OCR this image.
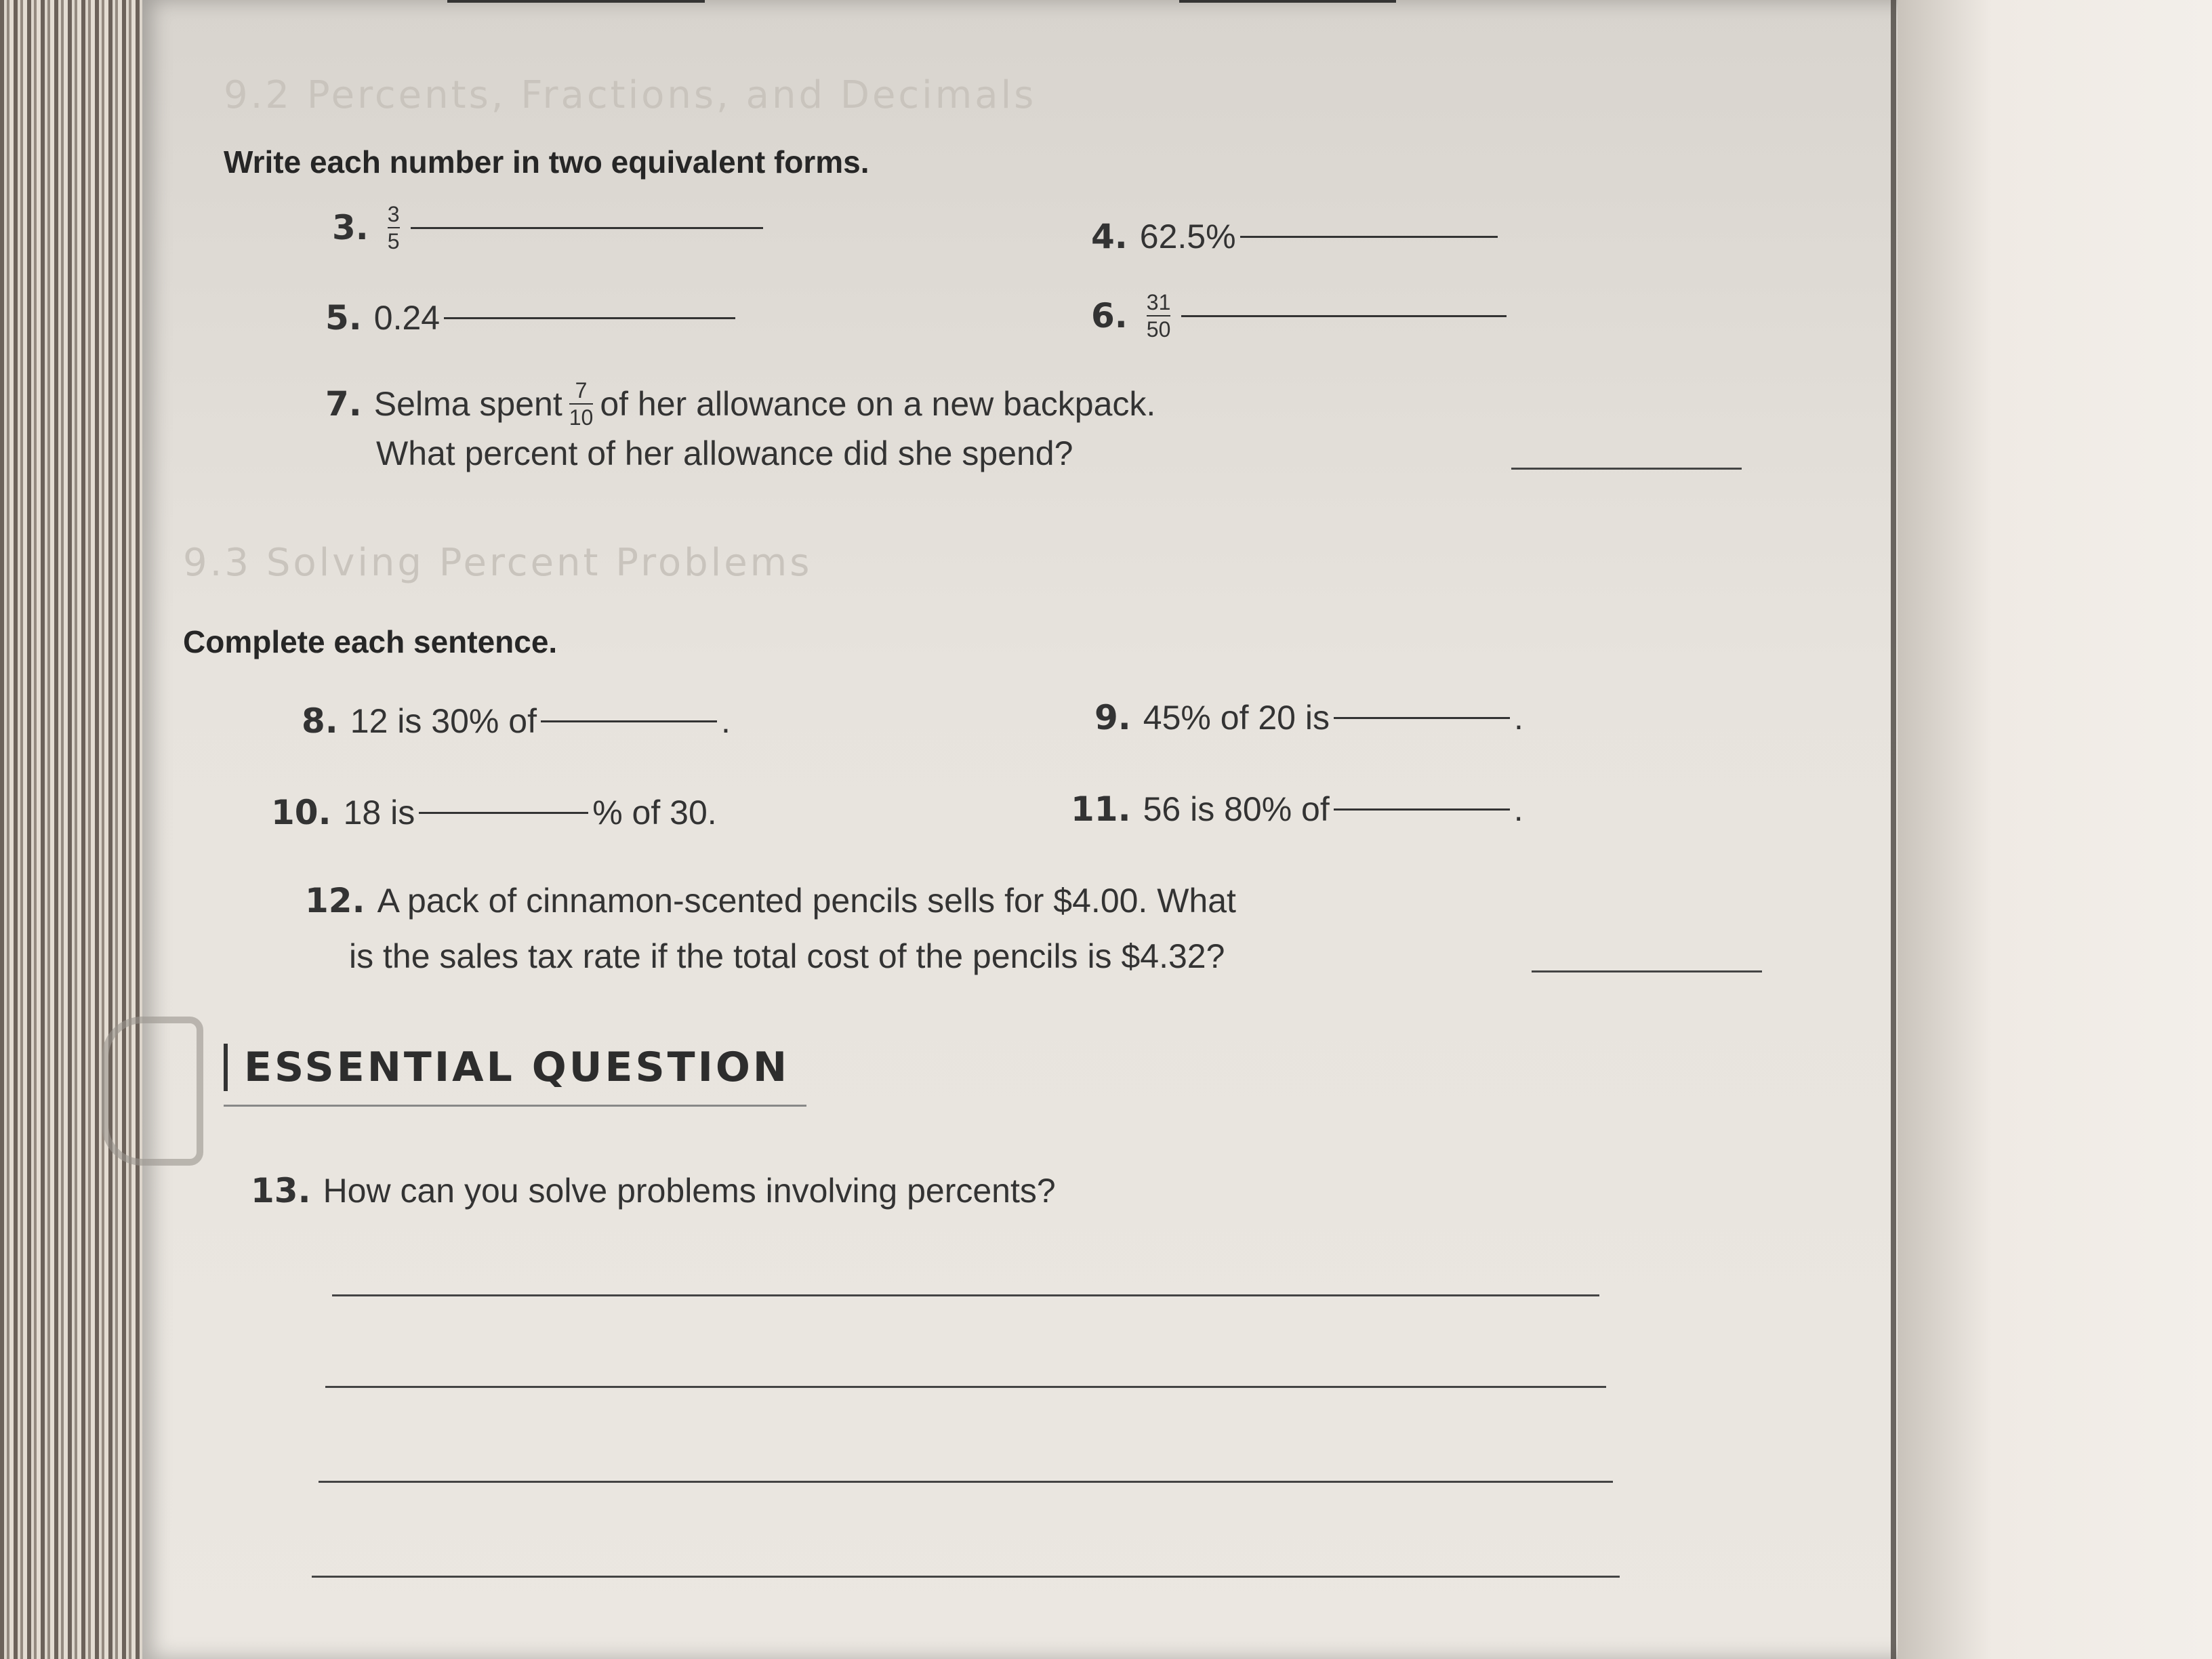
9.2 Percents, Fractions, and Decimals
Write each number in two equivalent forms.
3. $\frac{3}{5}$	4. 62.5%
5. 0.24	6. $\frac{31}{50}$
7. Selma spent $\frac{7}{10}$ of her allowance on a new backpack.
What percent of her allowance did she spend?
9.3 Solving Percent Problems
Complete each sentence.
8. 12 is 30% of	.	9. 45% of 20 is	.
10. 18 is	% of 30.	11. 56 is 80% of	.
12. A pack of cinnamon-scented pencils sells for $4.00. What
is the sales tax rate if the total cost of the pencils is $4.32?
ESSENTIAL QUESTION
13. How can you solve problems involving percents?
